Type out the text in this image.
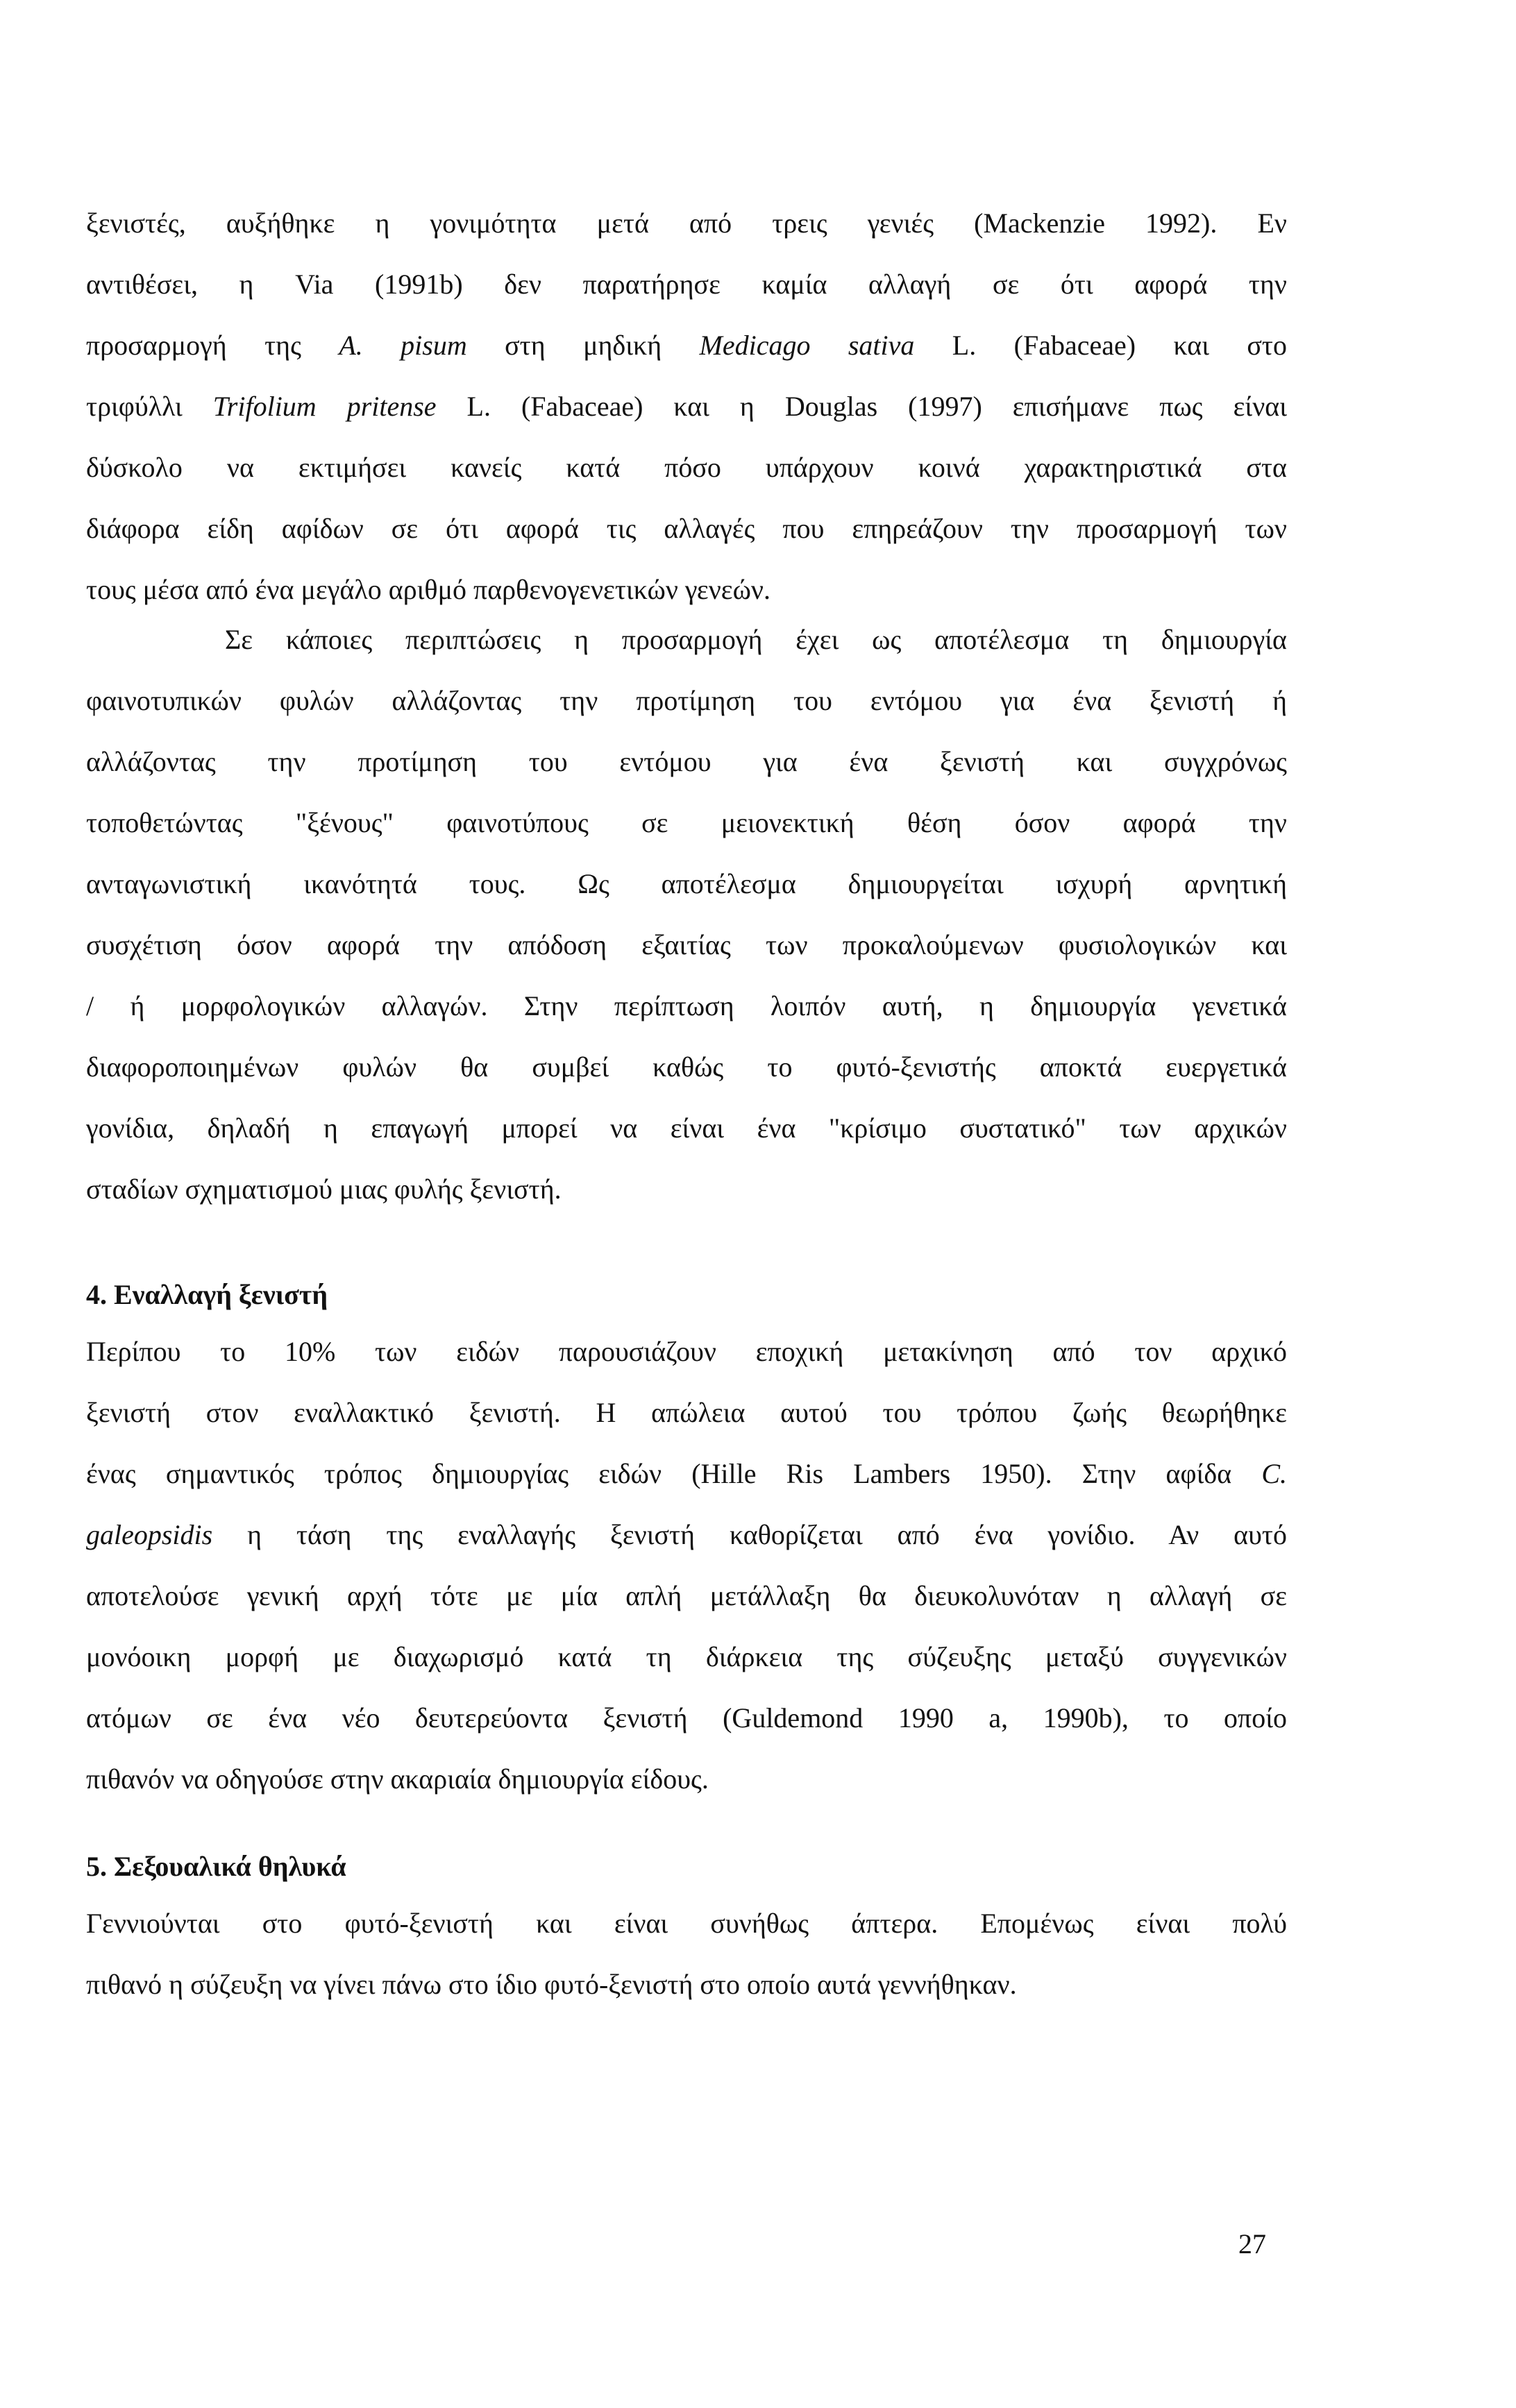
ξενιστές, αυξήθηκε η γονιμότητα μετά από τρεις γενιές (Mackenzie 1992). Εν
αντιθέσει, η Via (1991b) δεν παρατήρησε καμία αλλαγή σε ότι αφορά την
προσαρμογή της A. pisum στη μηδική Medicago sativa L. (Fabaceae) και στο
τριφύλλι Trifolium pritense L. (Fabaceae) και η Douglas (1997) επισήμανε πως είναι
δύσκολο να εκτιμήσει κανείς κατά πόσο υπάρχουν κοινά χαρακτηριστικά στα
διάφορα είδη αφίδων σε ότι αφορά τις αλλαγές που επηρεάζουν την προσαρμογή των
τους μέσα από ένα μεγάλο αριθμό παρθενογενετικών γενεών.
Σε κάποιες περιπτώσεις η προσαρμογή έχει ως αποτέλεσμα τη δημιουργία
φαινοτυπικών φυλών αλλάζοντας την προτίμηση του εντόμου για ένα ξενιστή ή
αλλάζοντας την προτίμηση του εντόμου για ένα ξενιστή και συγχρόνως
τοποθετώντας "ξένους" φαινοτύπους σε μειονεκτική θέση όσον αφορά την
ανταγωνιστική ικανότητά τους. Ως αποτέλεσμα δημιουργείται ισχυρή αρνητική
συσχέτιση όσον αφορά την απόδοση εξαιτίας των προκαλούμενων φυσιολογικών και
/ ή μορφολογικών αλλαγών. Στην περίπτωση λοιπόν αυτή, η δημιουργία γενετικά
διαφοροποιημένων φυλών θα συμβεί καθώς το φυτό-ξενιστής αποκτά ευεργετικά
γονίδια, δηλαδή η επαγωγή μπορεί να είναι ένα "κρίσιμο συστατικό" των αρχικών
σταδίων σχηματισμού μιας φυλής ξενιστή.
4. Εναλλαγή ξενιστή
Περίπου το 10% των ειδών παρουσιάζουν εποχική μετακίνηση από τον αρχικό
ξενιστή στον εναλλακτικό ξενιστή. Η απώλεια αυτού του τρόπου ζωής θεωρήθηκε
ένας σημαντικός τρόπος δημιουργίας ειδών (Hille Ris Lambers 1950). Στην αφίδα C.
galeopsidis η τάση της εναλλαγής ξενιστή καθορίζεται από ένα γονίδιο. Αν αυτό
αποτελούσε γενική αρχή τότε με μία απλή μετάλλαξη θα διευκολυνόταν η αλλαγή σε
μονόοικη μορφή με διαχωρισμό κατά τη διάρκεια της σύζευξης μεταξύ συγγενικών
ατόμων σε ένα νέο δευτερεύοντα ξενιστή (Guldemond 1990 a, 1990b), το οποίο
πιθανόν να οδηγούσε στην ακαριαία δημιουργία είδους.
5. Σεξουαλικά θηλυκά
Γεννιούνται στο φυτό-ξενιστή και είναι συνήθως άπτερα. Επομένως είναι πολύ
πιθανό η σύζευξη να γίνει πάνω στο ίδιο φυτό-ξενιστή στο οποίο αυτά γεννήθηκαν.
27
